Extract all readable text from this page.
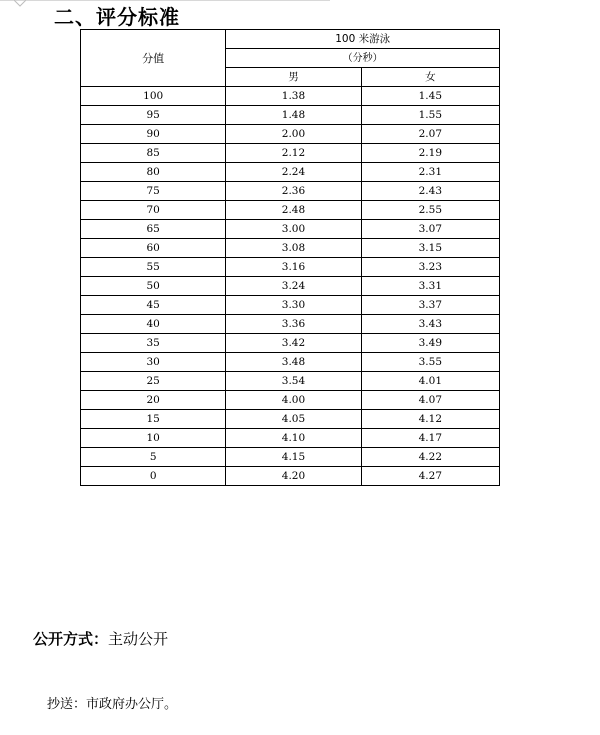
二、评分标准
分值	100 米游泳	
	（分秒）	
	男	女
100	1.38	1.45
95	1.48	1.55
90	2.00	2.07
85	2.12	2.19
80	2.24	2.31
75	2.36	2.43
70	2.48	2.55
65	3.00	3.07
60	3.08	3.15
55	3.16	3.23
50	3.24	3.31
45	3.30	3.37
40	3.36	3.43
35	3.42	3.49
30	3.48	3.55
25	3.54	4.01
20	4.00	4.07
15	4.05	4.12
10	4.10	4.17
5	4.15	4.22
0	4.20	4.27
公开方式：主动公开
抄送：市政府办公厅。
